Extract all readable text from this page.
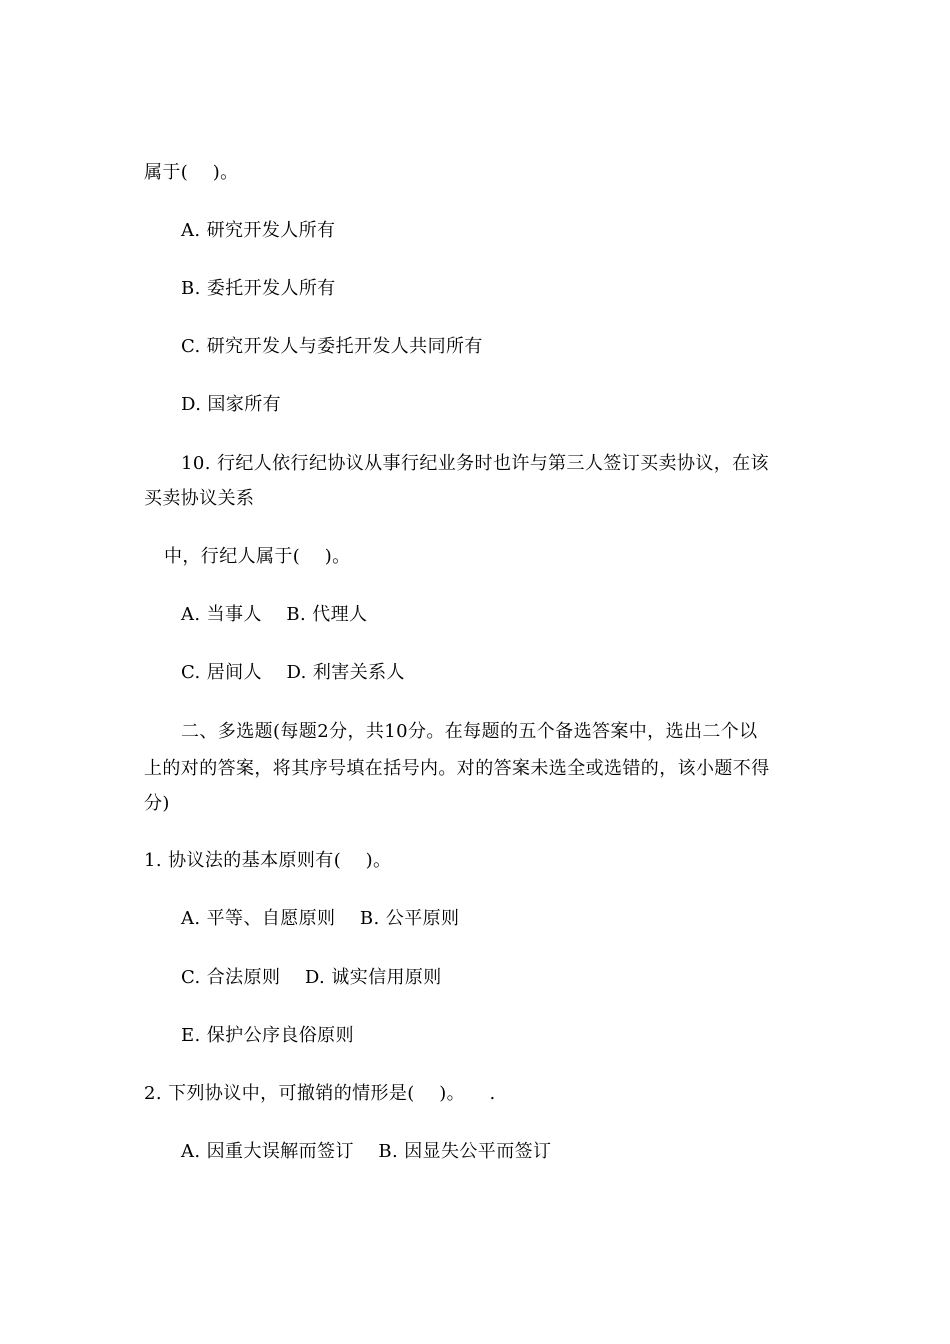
属于(    )。
A. 研究开发人所有
B. 委托开发人所有
C. 研究开发人与委托开发人共同所有
D. 国家所有
10. 行纪人依行纪协议从事行纪业务时也许与第三人签订买卖协议，在该
买卖协议关系
中，行纪人属于(    )。
A. 当事人    B. 代理人
C. 居间人    D. 利害关系人
二、多选题(每题2分，共10分。在每题的五个备选答案中，选出二个以
上的对的答案，将其序号填在括号内。对的答案未选全或选错的，该小题不得
分)
1. 协议法的基本原则有(    )。
A. 平等、自愿原则    B. 公平原则
C. 合法原则    D. 诚实信用原则
E. 保护公序良俗原则
2. 下列协议中，可撤销的情形是(    )。    .
A. 因重大误解而签订    B. 因显失公平而签订
